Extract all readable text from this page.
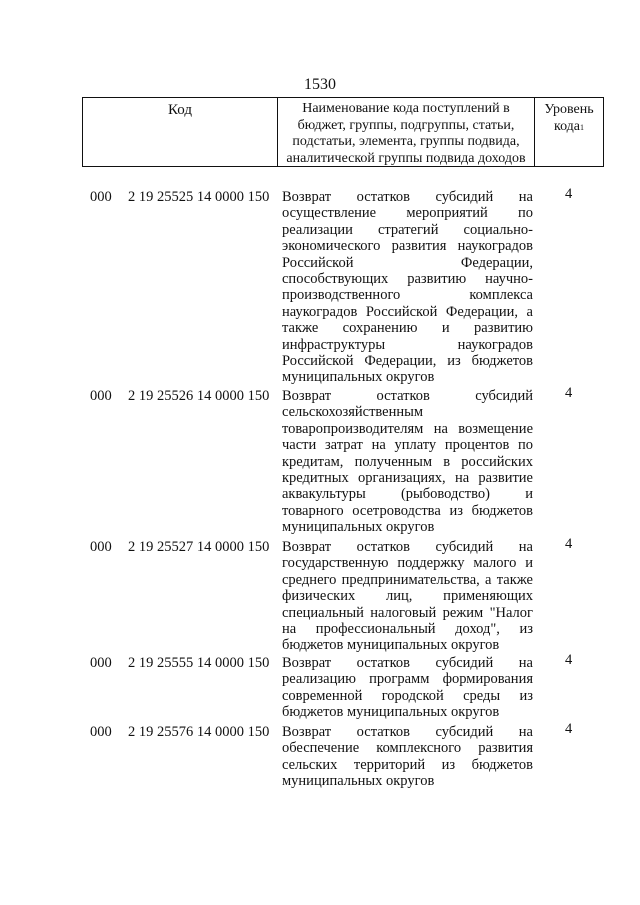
1530
Код	Наименование кода поступлений в
бюджет, группы, подгруппы, статьи,
подстатьи, элемента, группы подвида,
аналитической группы подвида доходов
Уровень
кода$^1$
000 2 19 25525 14 0000 150 Возврат остатков субсидий на
осуществление мероприятий по
реализации стратегий социально-
экономического развития наукоградов
Российской Федерации,
способствующих развитию научно-
производственного комплекса
наукоградов Российской Федерации, а
также сохранению и развитию
инфраструктуры наукоградов
Российской Федерации, из бюджетов
муниципальных округов
4
000 2 19 25526 14 0000 150 Возврат остатков субсидий
сельскохозяйственным
товаропроизводителям на возмещение
части затрат на уплату процентов по
кредитам, полученным в российских
кредитных организациях, на развитие
аквакультуры (рыбоводство) и
товарного осетроводства из бюджетов
муниципальных округов
4
000 2 19 25527 14 0000 150 Возврат остатков субсидий на
государственную поддержку малого и
среднего предпринимательства, а также
физических лиц, применяющих
специальный налоговый режим "Налог
на профессиональный доход", из
бюджетов муниципальных округов
4
000 2 19 25555 14 0000 150 Возврат остатков субсидий на
реализацию программ формирования
современной городской среды из
бюджетов муниципальных округов
4
000 2 19 25576 14 0000 150 Возврат остатков субсидий на
обеспечение комплексного развития
сельских территорий из бюджетов
муниципальных округов
4
